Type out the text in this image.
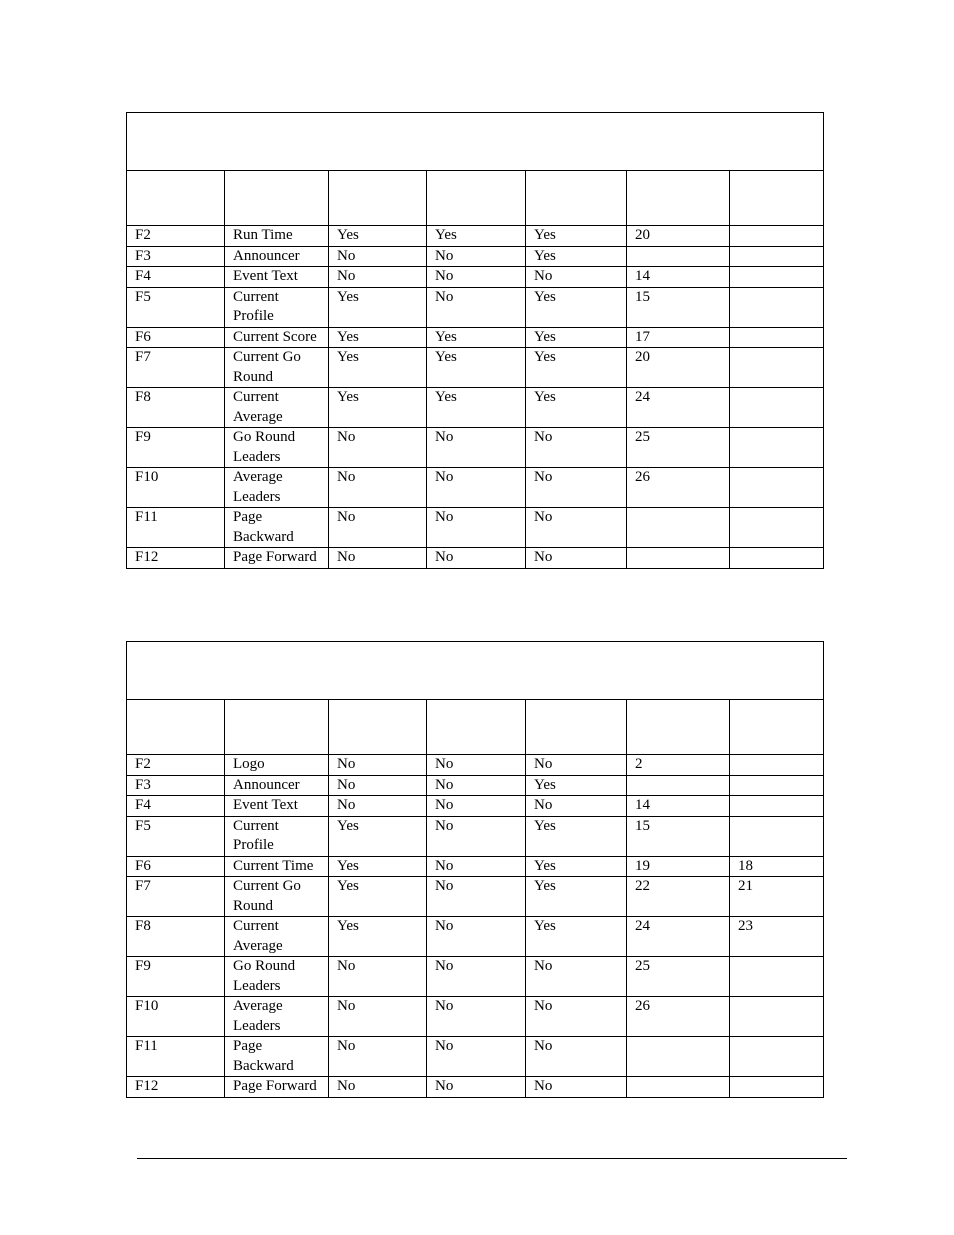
F2	Run Time	Yes	Yes	Yes	20	
F3	Announcer	No	No	Yes		
F4	Event Text	No	No	No	14	
F5	Current Profile	Yes	No	Yes	15	
F6	Current Score	Yes	Yes	Yes	17	
F7	Current Go Round	Yes	Yes	Yes	20	
F8	Current Average	Yes	Yes	Yes	24	
F9	Go Round Leaders	No	No	No	25	
F10	Average Leaders	No	No	No	26	
F11	Page Backward	No	No	No		
F12	Page Forward	No	No	No		

F2	Logo	No	No	No	2	
F3	Announcer	No	No	Yes		
F4	Event Text	No	No	No	14	
F5	Current Profile	Yes	No	Yes	15	
F6	Current Time	Yes	No	Yes	19	18
F7	Current Go Round	Yes	No	Yes	22	21
F8	Current Average	Yes	No	Yes	24	23
F9	Go Round Leaders	No	No	No	25	
F10	Average Leaders	No	No	No	26	
F11	Page Backward	No	No	No		
F12	Page Forward	No	No	No		
